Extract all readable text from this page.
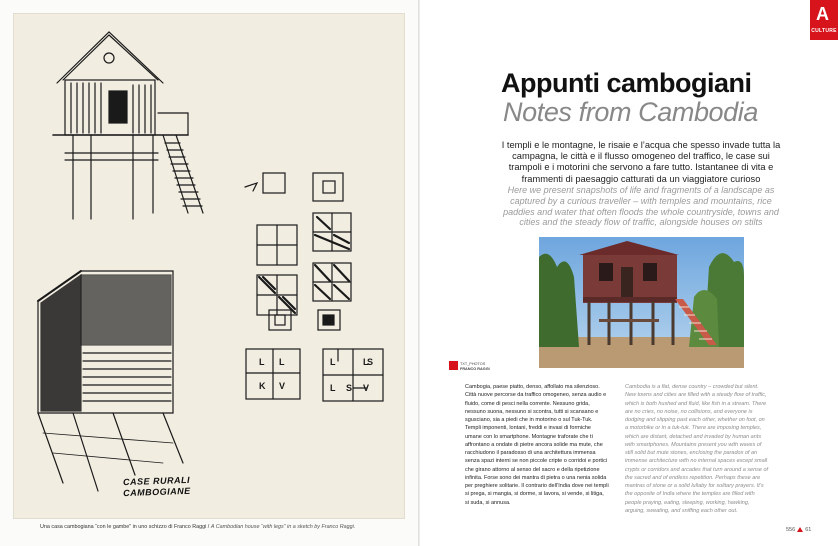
L L
K V
L	L
L S
S
V
CASE RURALI
CAMBOGIANE
Una casa cambogiana “con le gambe” in uno schizzo di Franco Raggi / A Cambodian house “with legs” in a sketch by Franco Raggi.
A
CULTURE
Appunti cambogiani
Notes from Cambodia
I templi e le montagne, le risaie e l’acqua che spesso invade tutta la campagna, le città e il flusso omogeneo del traffico, le case sui trampoli e i motorini che servono a fare tutto. Istantanee di vita e frammenti di paesaggio catturati da un viaggiatore curioso
Here we present snapshots of life and fragments of a landscape as captured by a curious traveller – with temples and mountains, rice paddies and water that often floods the whole countryside, towns and cities and the steady flow of traffic, alongside houses on stilts
TXT_PHOTOS
FRANCO RAGGI
Cambogia, paese piatto, denso, affollato ma silenzioso. Città nuove percorse da traffico omogeneo, senza audio e fluido, come di pesci nella corrente. Nessuno grida, nessuno suona, nessuno si scontra, tutti si scansano e sgusciano, sia a piedi che in motorino o sul Tuk-Tuk. Templi imponenti, lontani, freddi e invasi di formiche umane con lo smartphone. Montagne traforate che ti affrontano a ondate di pietre ancora solide ma mute, che racchiudono il paradosso di una architettura immensa senza spazi interni se non piccole cripte o corridoi e portici che girano attorno al senso del sacro e della ripetizione infinita. Forse sono dei mantra di pietra o una nenia solida per preghiere solitarie. Il contrario dell’India dove nei templi si prega, si mangia, si dorme, si lavora, si vende, si litiga, si suda, si annusa.
Cambodia is a flat, dense country – crowded but silent. New towns and cities are filled with a steady flow of traffic, which is both hushed and fluid, like fish in a stream. There are no cries, no noise, no collisions, and everyone is dodging and slipping past each other, whether on foot, on a motorbike or in a tuk-tuk. There are imposing temples, which are distant, detached and invaded by human ants with smartphones. Mountains present you with waves of still solid but mute stones, enclosing the paradox of an immense architecture with no internal spaces except small crypts or corridors and arcades that turn around a sense of the sacred and of endless repetition. Perhaps these are mantras of stone or a solid lullaby for solitary prayers. It’s the opposite of India where the temples are filled with people praying, eating, sleeping, working, hawking, arguing, sweating, and sniffing each other out.
556 61
